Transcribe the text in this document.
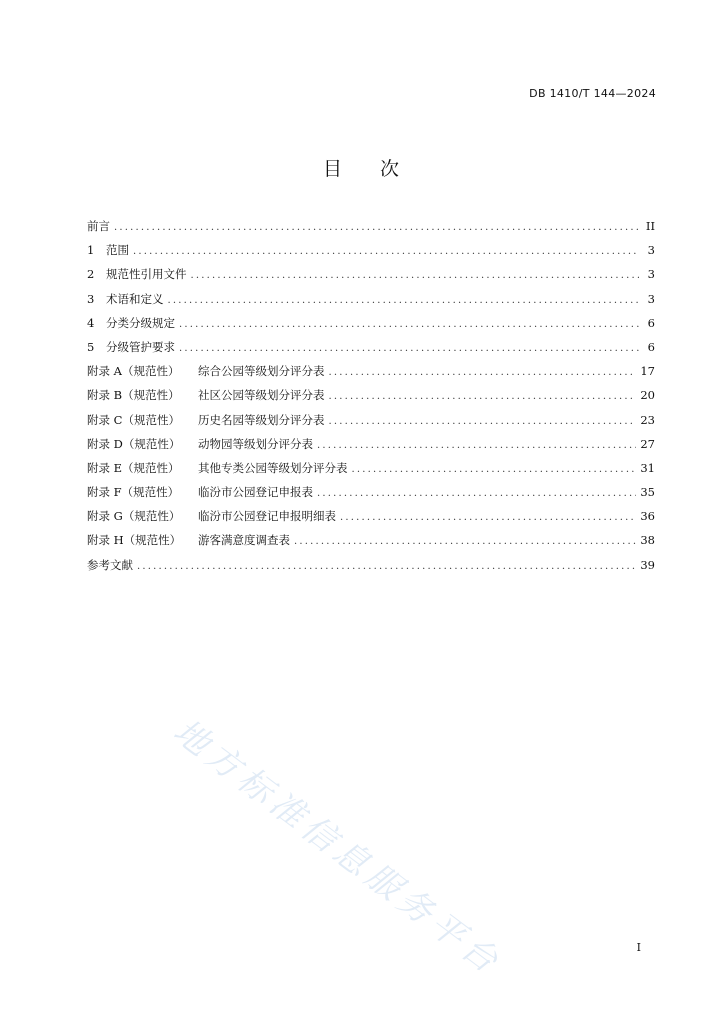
DB 1410/T 144—2024
目 次
前言 .....	II
1	范围 .....	3
2	规范性引用文件 .....	3
3	术语和定义 .....	3
4	分类分级规定 .....	6
5	分级管护要求 .....	6
附录 A（规范性）	综合公园等级划分评分表 .....	17
附录 B（规范性）	社区公园等级划分评分表 .....	20
附录 C（规范性）	历史名园等级划分评分表 .....	23
附录 D（规范性）	动物园等级划分评分表 .....	27
附录 E（规范性）	其他专类公园等级划分评分表 .....	31
附录 F（规范性）	临汾市公园登记申报表 .....	35
附录 G（规范性）	临汾市公园登记申报明细表 .....	36
附录 H（规范性）	游客满意度调查表 .....	38
参考文献 .....	39
地方标准信息服务平台	I
